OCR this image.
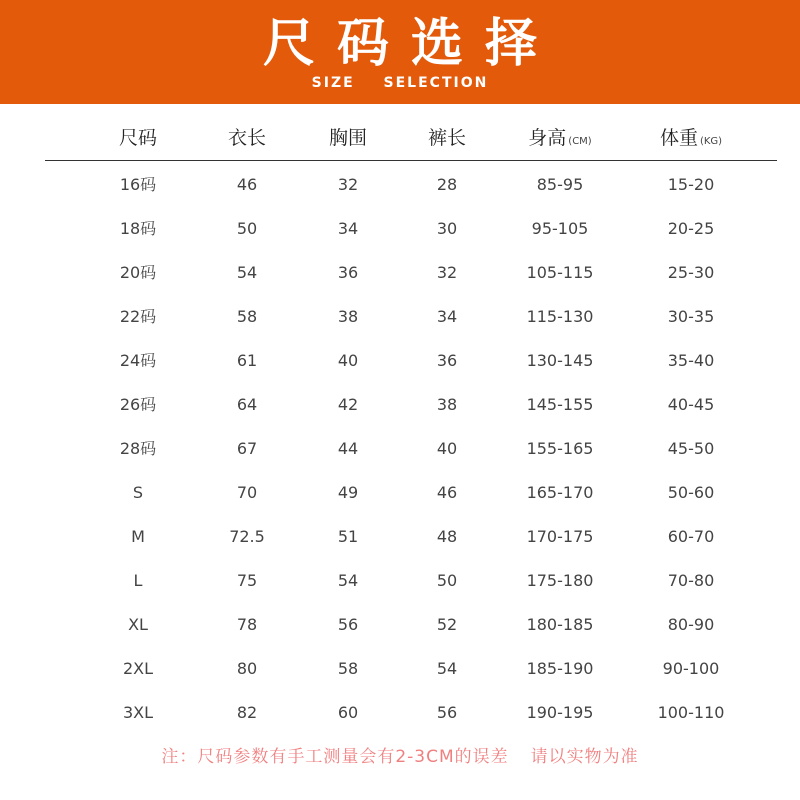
尺码选择
SIZE SELECTION
尺码	衣长	胸围	裤长	身高 (CM)	体重 (KG)
16码	46	32	28	85-95	15-20
18码	50	34	30	95-105	20-25
20码	54	36	32	105-115	25-30
22码	58	38	34	115-130	30-35
24码	61	40	36	130-145	35-40
26码	64	42	38	145-155	40-45
28码	67	44	40	155-165	45-50
S	70	49	46	165-170	50-60
M	72.5	51	48	170-175	60-70
L	75	54	50	175-180	70-80
XL	78	56	52	180-185	80-90
2XL	80	58	54	185-190	90-100
3XL	82	60	56	190-195	100-110
注：尺码参数有手工测量会有2-3CM的误差 请以实物为准
